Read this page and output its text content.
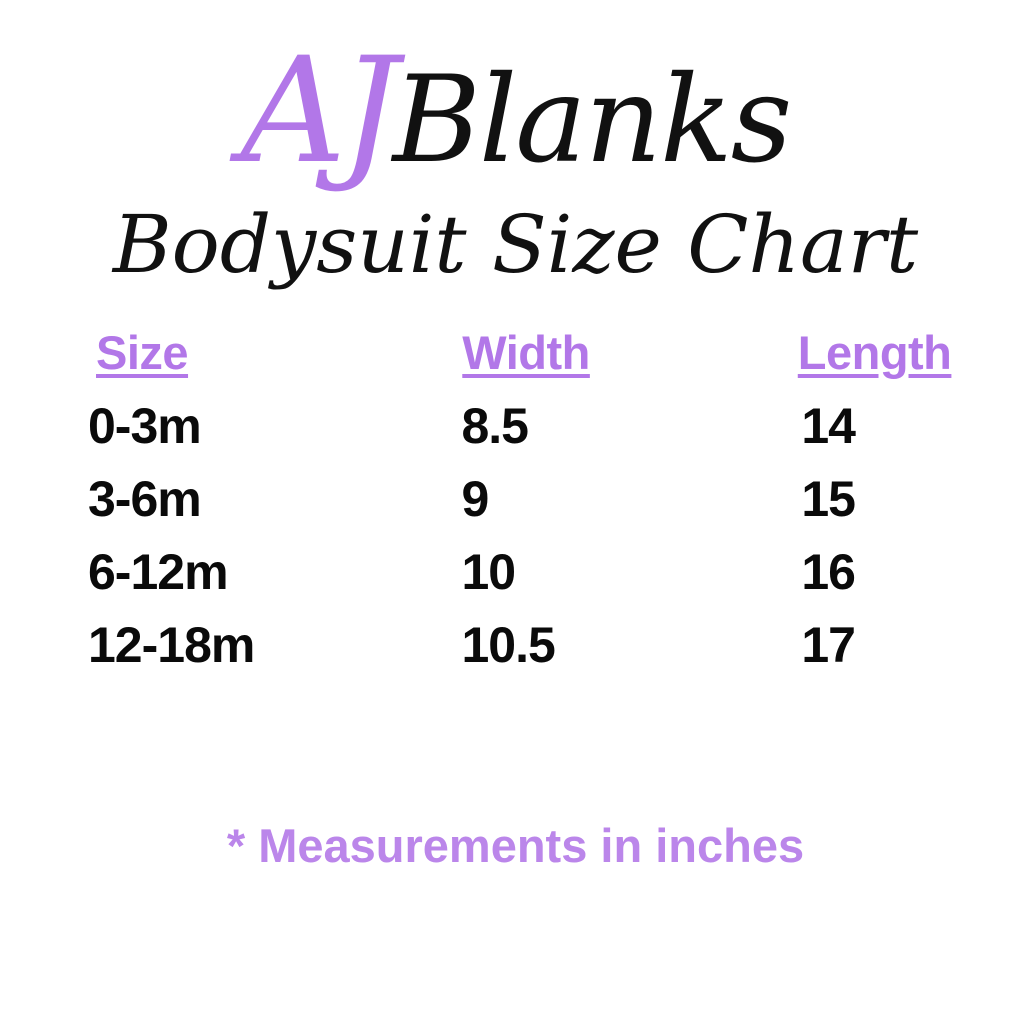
AJBlanks
Bodysuit Size Chart
Size	Width	Length
0-3m	8.5	14
3-6m	9	15
6-12m	10	16
12-18m	10.5	17
* Measurements in inches
